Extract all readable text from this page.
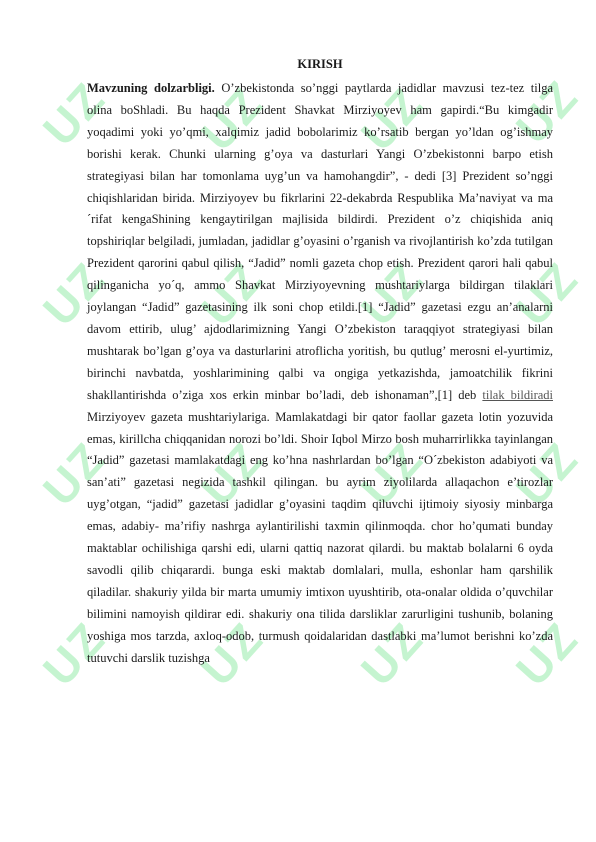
UZ UZ UZ UZ
UZ UZ UZ UZ
UZ UZ UZ UZ
UZ UZ UZ UZ
KIRISH

Mavzuning dolzarbligi. O’zbekistonda so’nggi paytlarda jadidlar mavzusi tez-tez tilga olina boShladi. Bu haqda Prezident Shavkat Mirziyoyev ham gapirdi.“Bu kimgadir yoqadimi yoki yo’qmi, xalqimiz jadid bobolarimiz ko’rsatib bergan yo’ldan og’ishmay borishi kerak. Chunki ularning g’oya va dasturlari Yangi O’zbekistonni barpo etish strategiyasi bilan har tomonlama uyg’un va hamohangdir”, - dedi [3] Prezident so’nggi chiqishlaridan birida. Mirziyoyev bu fikrlarini 22-dekabrda Respublika Ma’naviyat va ma´rifat kengaShining kengaytirilgan majlisida bildirdi. Prezident o’z chiqishida aniq topshiriqlar belgiladi, jumladan, jadidlar g’oyasini o’rganish va rivojlantirish ko’zda tutilgan Prezident qarorini qabul qilish, “Jadid” nomli gazeta chop etish. Prezident qarori hali qabul qilinganicha yo´q, ammo Shavkat Mirziyoyevning mushtariylarga bildirgan tilaklari joylangan “Jadid” gazetasining ilk soni chop etildi.[1] “Jadid” gazetasi ezgu an’analarni davom ettirib, ulug’ ajdodlarimizning Yangi O’zbekiston taraqqiyot strategiyasi bilan mushtarak bo’lgan g’oya va dasturlarini atroflicha yoritish, bu qutlug’ merosni el-yurtimiz, birinchi navbatda, yoshlarimining qalbi va ongiga yetkazishda, jamoatchilik fikrini shakllantirishda o’ziga xos erkin minbar bo’ladi, deb ishonaman”,[1] deb tilak bildiradi Mirziyoyev gazeta mushtariylariga. Mamlakatdagi bir qator faollar gazeta lotin yozuvida emas, kirillcha chiqqanidan norozi bo’ldi. Shoir Iqbol Mirzo bosh muharrirlikka tayinlangan “Jadid” gazetasi mamlakatdagi eng ko’hna nashrlardan bo’lgan “O´zbekiston adabiyoti va san’ati” gazetasi negizida tashkil qilingan. bu ayrim ziyolilarda allaqachon e’tirozlar uyg’otgan, “jadid” gazetasi jadidlar g’oyasini taqdim qiluvchi ijtimoiy siyosiy minbarga emas, adabiy- ma’rifiy nashrga aylantirilishi taxmin qilinmoqda. chor ho’qumati bunday maktablar ochilishiga qarshi edi, ularni qattiq nazorat qilardi. bu maktab bolalarni 6 oyda savodli qilib chiqarardi. bunga eski maktab domlalari, mulla, eshonlar ham qarshilik qiladilar. shakuriy yilda bir marta umumiy imtixon uyushtirib, ota-onalar oldida o’quvchilar bilimini namoyish qildirar edi. shakuriy ona tilida darsliklar zarurligini tushunib, bolaning yoshiga mos tarzda, axloq-odob, turmush qoidalaridan dastlabki ma’lumot berishni ko’zda tutuvchi darslik tuzishga
